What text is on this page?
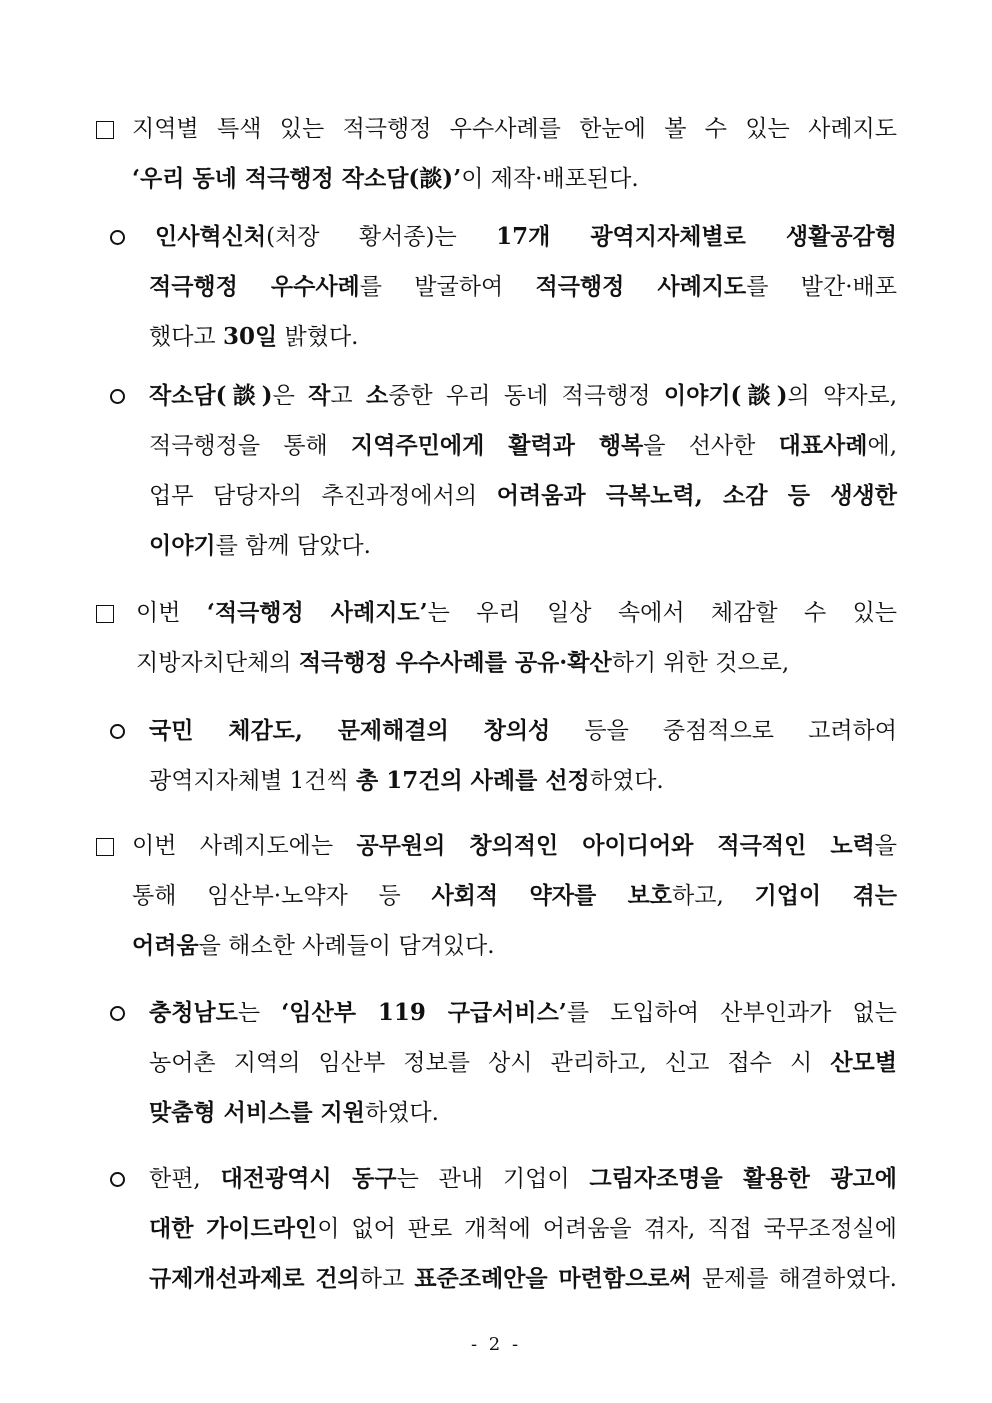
지역별 특색 있는 적극행정 우수사례를 한눈에 볼 수 있는 사례지도
‘우리 동네 적극행정 작소담(談)’이 제작·배포된다.
인사혁신처(처장 황서종)는 17개 광역지자체별로 생활공감형
적극행정 우수사례를 발굴하여 적극행정 사례지도를 발간·배포
했다고 30일 밝혔다.
작소담(談)은 작고 소중한 우리 동네 적극행정 이야기(談)의 약자로,
적극행정을 통해 지역주민에게 활력과 행복을 선사한 대표사례에,
업무 담당자의 추진과정에서의 어려움과 극복노력, 소감 등 생생한
이야기를 함께 담았다.
이번 ‘적극행정 사례지도’는 우리 일상 속에서 체감할 수 있는
지방자치단체의 적극행정 우수사례를 공유·확산하기 위한 것으로,
국민 체감도, 문제해결의 창의성 등을 중점적으로 고려하여
광역지자체별 1건씩 총 17건의 사례를 선정하였다.
이번 사례지도에는 공무원의 창의적인 아이디어와 적극적인 노력을
통해 임산부·노약자 등 사회적 약자를 보호하고, 기업이 겪는
어려움을 해소한 사례들이 담겨있다.
충청남도는 ‘임산부 119 구급서비스’를 도입하여 산부인과가 없는
농어촌 지역의 임산부 정보를 상시 관리하고, 신고 접수 시 산모별
맞춤형 서비스를 지원하였다.
한편, 대전광역시 동구는 관내 기업이 그림자조명을 활용한 광고에
대한 가이드라인이 없어 판로 개척에 어려움을 겪자, 직접 국무조정실에
규제개선과제로 건의하고 표준조례안을 마련함으로써 문제를 해결하였다.
- 2 -
